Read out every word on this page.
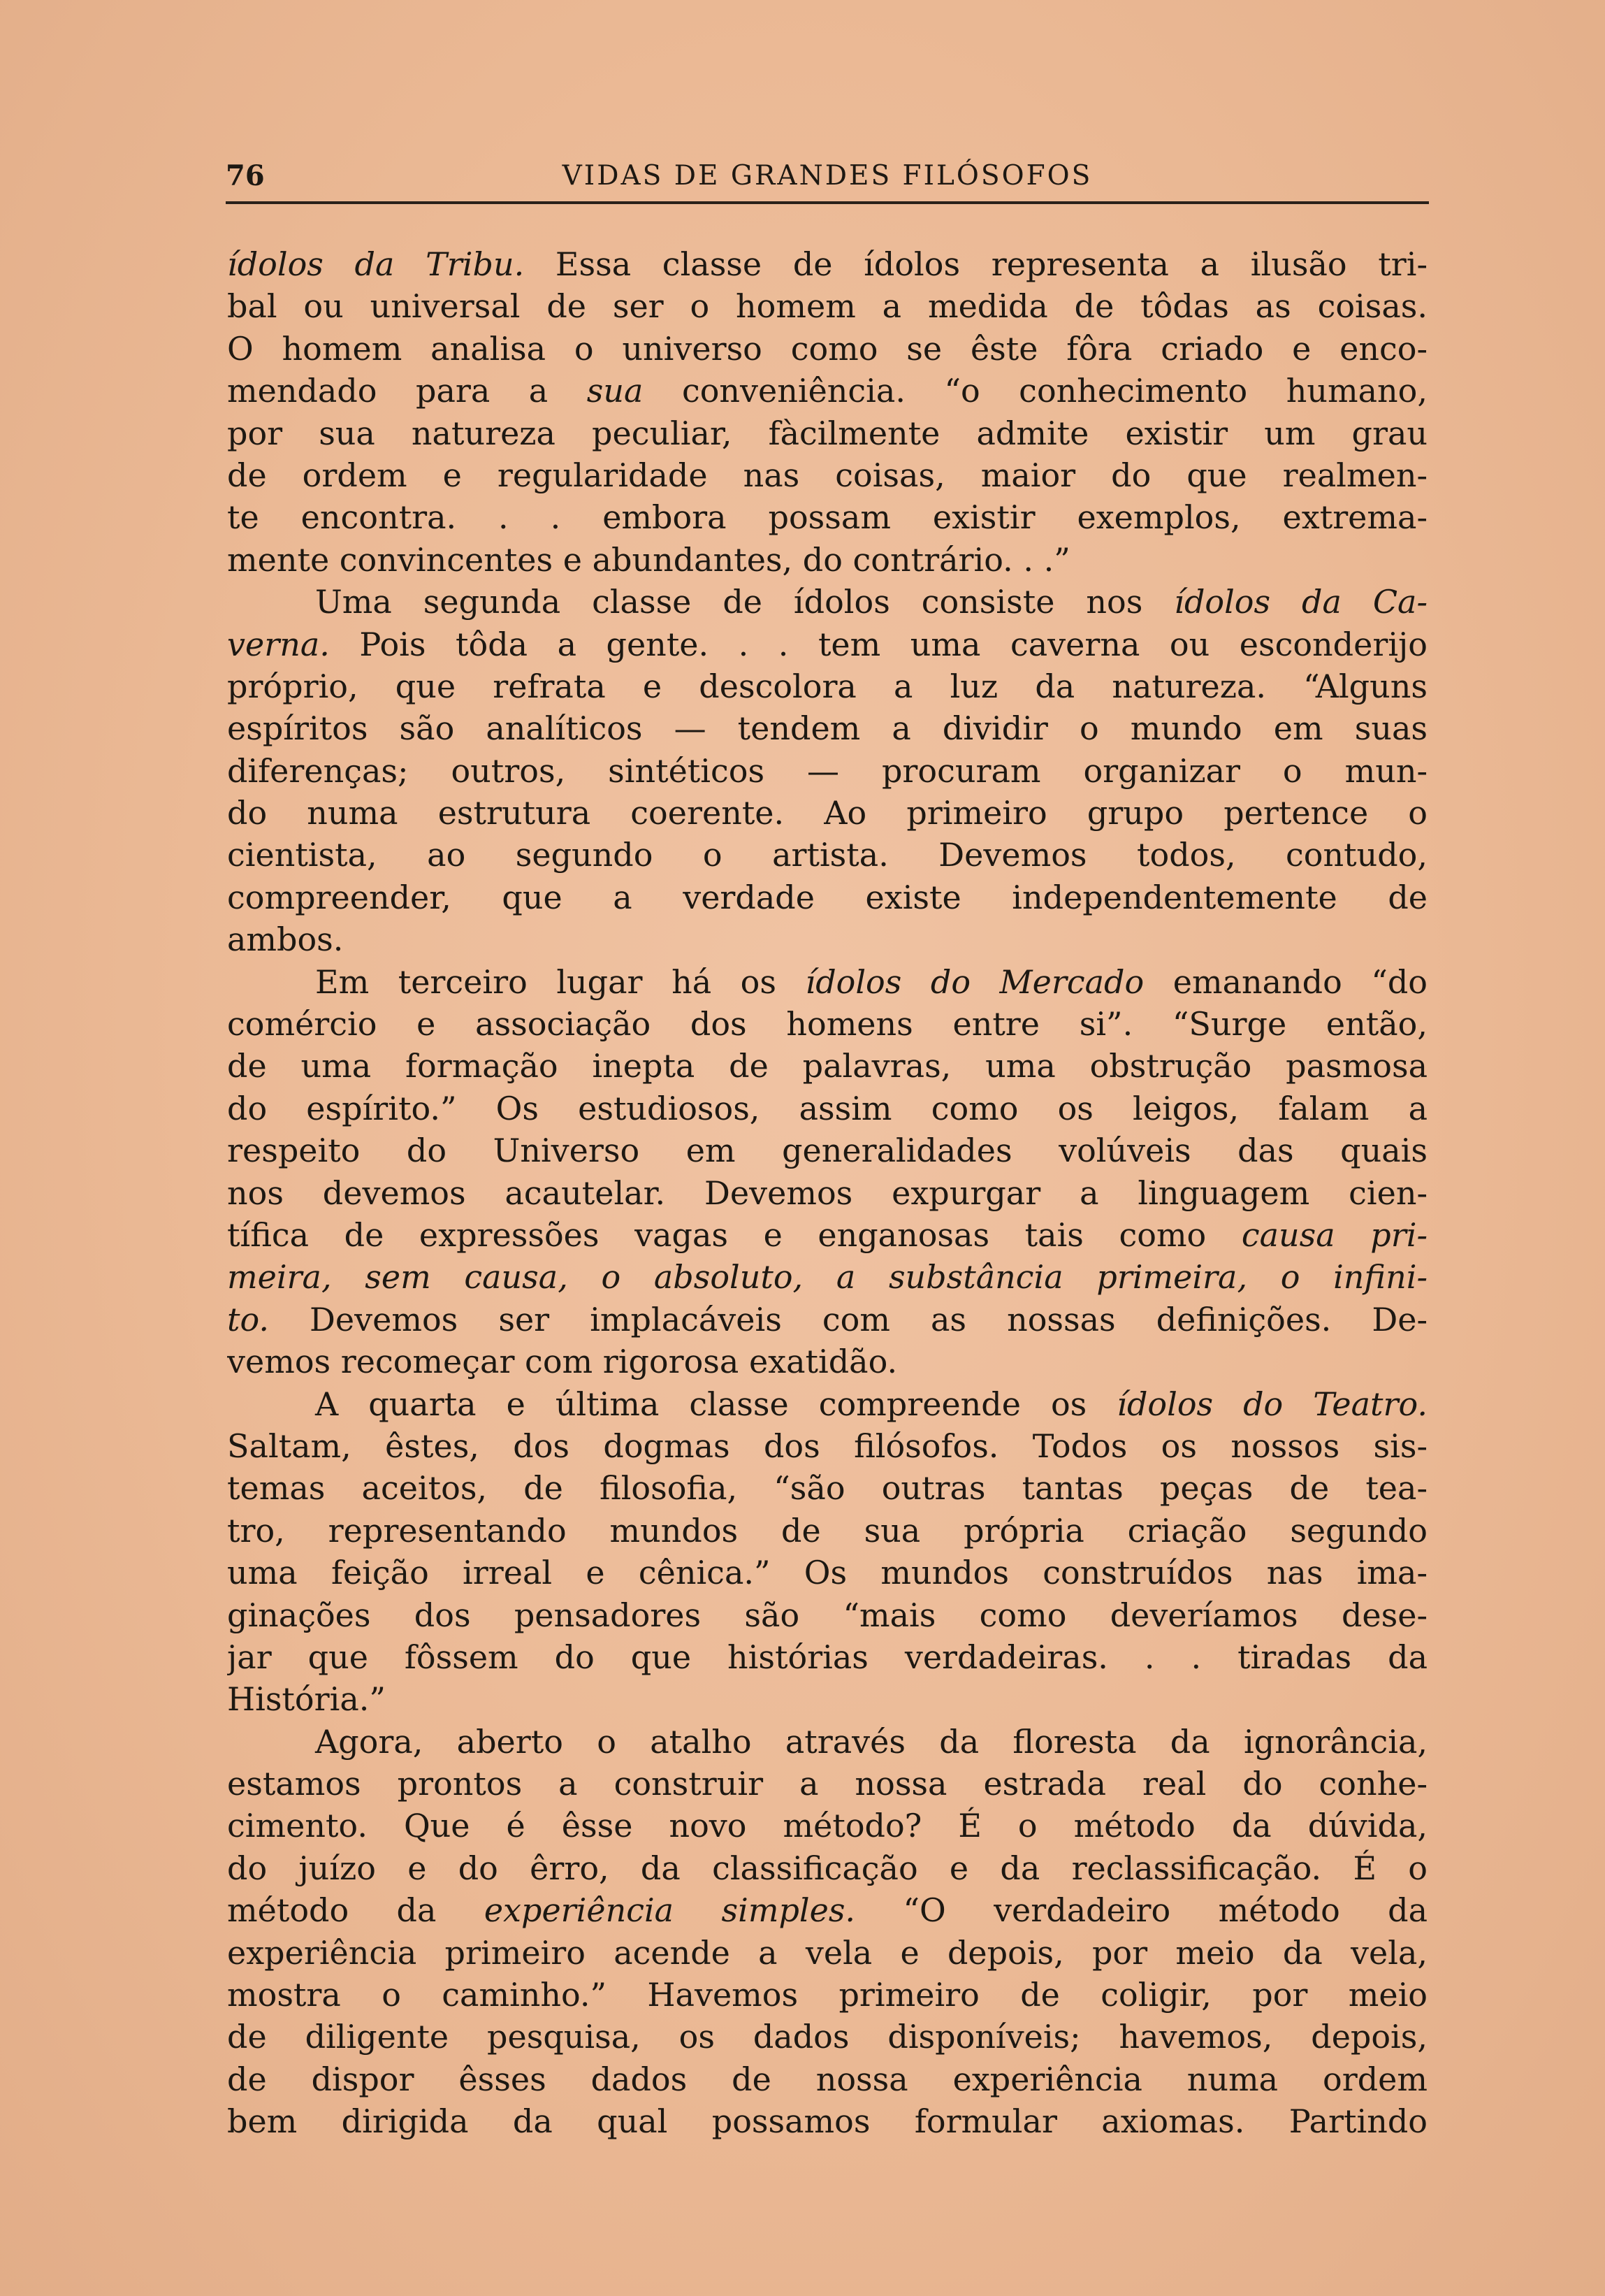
76	VIDAS DE GRANDES FILÓSOFOS
ídolos da Tribu. Essa classe de ídolos representa a ilusão tri-
bal ou universal de ser o homem a medida de tôdas as coisas.
O homem analisa o universo como se êste fôra criado e enco-
mendado para a sua conveniência. “o conhecimento humano,
por sua natureza peculiar, fàcilmente admite existir um grau
de ordem e regularidade nas coisas, maior do que realmen-
te encontra. . . embora possam existir exemplos, extrema-
mente convincentes e abundantes, do contrário. . .”
Uma segunda classe de ídolos consiste nos ídolos da Ca-
verna. Pois tôda a gente. . . tem uma caverna ou esconderijo
próprio, que refrata e descolora a luz da natureza. “Alguns
espíritos são analíticos — tendem a dividir o mundo em suas
diferenças; outros, sintéticos — procuram organizar o mun-
do numa estrutura coerente. Ao primeiro grupo pertence o
cientista, ao segundo o artista. Devemos todos, contudo,
compreender, que a verdade existe independentemente de
ambos.
Em terceiro lugar há os ídolos do Mercado emanando “do
comércio e associação dos homens entre si”. “Surge então,
de uma formação inepta de palavras, uma obstrução pasmosa
do espírito.” Os estudiosos, assim como os leigos, falam a
respeito do Universo em generalidades volúveis das quais
nos devemos acautelar. Devemos expurgar a linguagem cien-
tífica de expressões vagas e enganosas tais como causa pri-
meira, sem causa, o absoluto, a substância primeira, o infini-
to. Devemos ser implacáveis com as nossas definições. De-
vemos recomeçar com rigorosa exatidão.
A quarta e última classe compreende os ídolos do Teatro.
Saltam, êstes, dos dogmas dos filósofos. Todos os nossos sis-
temas aceitos, de filosofia, “são outras tantas peças de tea-
tro, representando mundos de sua própria criação segundo
uma feição irreal e cênica.” Os mundos construídos nas ima-
ginações dos pensadores são “mais como deveríamos dese-
jar que fôssem do que histórias verdadeiras. . . tiradas da
História.”
Agora, aberto o atalho através da floresta da ignorância,
estamos prontos a construir a nossa estrada real do conhe-
cimento. Que é êsse novo método? É o método da dúvida,
do juízo e do êrro, da classificação e da reclassificação. É o
método da experiência simples. “O verdadeiro método da
experiência primeiro acende a vela e depois, por meio da vela,
mostra o caminho.” Havemos primeiro de coligir, por meio
de diligente pesquisa, os dados disponíveis; havemos, depois,
de dispor êsses dados de nossa experiência numa ordem
bem dirigida da qual possamos formular axiomas. Partindo
